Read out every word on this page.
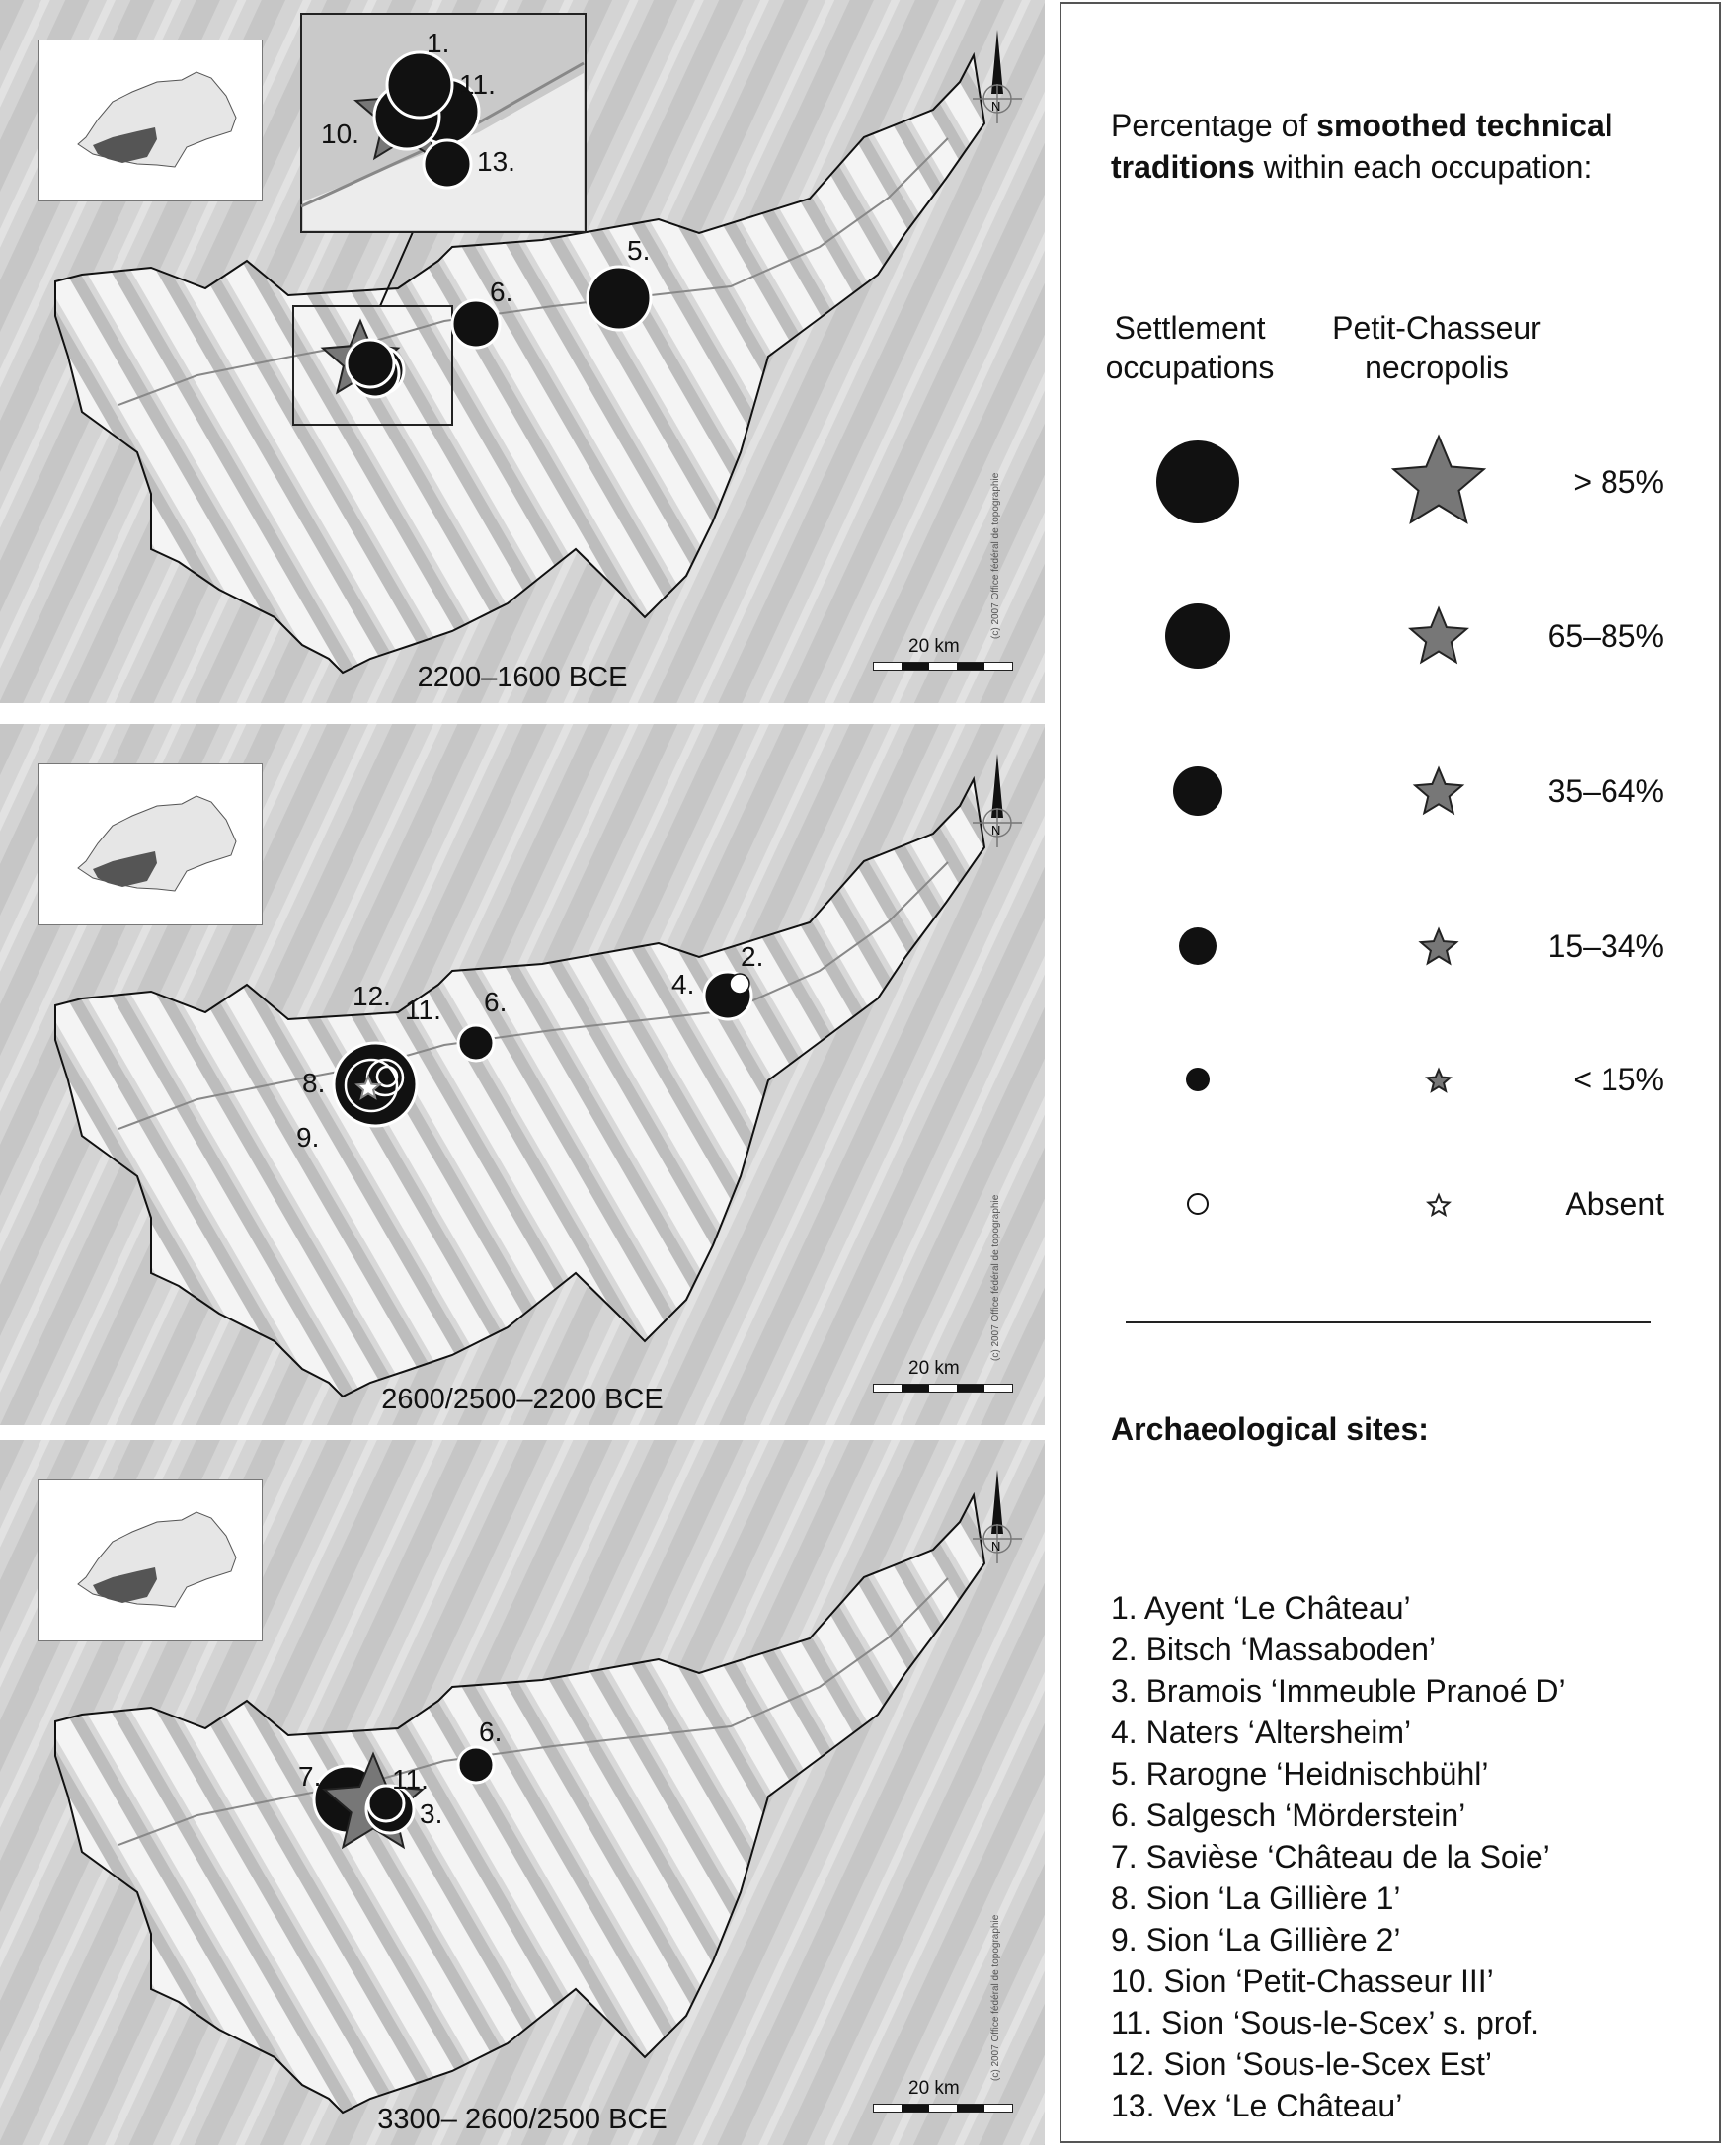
N
5.
6.
1.
11.
10.
13.
20 km
(c) 2007 Office fédéral de topographie
2200–1600 BCE
N
12. 11.
8.
9.
6.
4.
2.
20 km
(c) 2007 Office fédéral de topographie
2600/2500–2200 BCE
N
7.	11.
3.
6.
20 km
(c) 2007 Office fédéral de topographie
3300– 2600/2500 BCE
Percentage of smoothed technical traditions within each occupation:
Settlement
occupations
Petit-Chasseur
necropolis
> 85%
65–85%
35–64%
15–34%
< 15%
Absent
Archaeological sites:
1. Ayent ‘Le Château’
2. Bitsch ‘Massaboden’
3. Bramois ‘Immeuble Pranoé D’
4. Naters ‘Altersheim’
5. Rarogne ‘Heidnischbühl’
6. Salgesch ‘Mörderstein’
7. Savièse ‘Château de la Soie’
8. Sion ‘La Gillière 1’
9. Sion ‘La Gillière 2’
10. Sion ‘Petit-Chasseur III’
11. Sion ‘Sous-le-Scex’ s. prof.
12. Sion ‘Sous-le-Scex Est’
13. Vex ‘Le Château’
